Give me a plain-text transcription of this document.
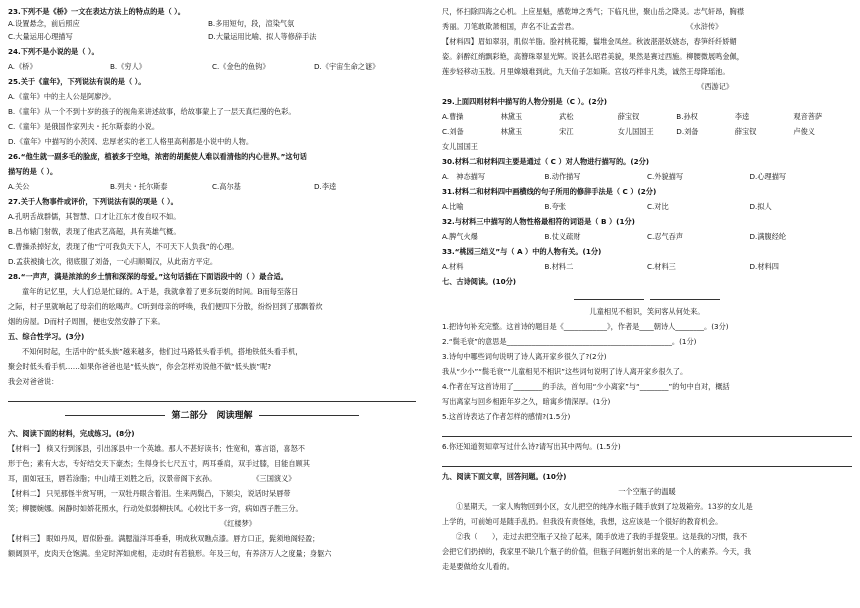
23.下列不是《桥》一文在表达方法上的特点的是（ ）。
A.设置悬念，前后照应	B.多用短句，段，渲染气氛
C.大量运用心理描写	D.大量运用比喻、拟人等修辞手法
24.下列不是小说的是（ ）。
A.《桥》	B.《穷人》	C.《金色的鱼钩》	D.《宇宙生命之谜》
25.关于《童年》，下列说法有误的是（ ）。
A.《童年》中的主人公是阿廖沙。
B.《童年》从一个不到十岁的孩子的视角来讲述故事，给故事蒙上了一层天真烂漫的色彩。
C.《童年》是俄国作家列夫・托尔斯泰的小说。
D.《童年》中描写的小茨冈、忠厚老实的老工人格里高利都是小说中的人物。
26.“他生就一副多毛的脸庞，植被多于空地，浓密的胡髭使人难以看清他的内心世界。”这句话
描写的是（ ）。
A.关公	B.列夫・托尔斯泰	C.高尔基	D.李逵
27.关于人物事件或评价，下列说法有误的项是（ ）。
A.孔明舌战群儒，其智慧、口才让江东才俊自叹不如。
B.吕布辕门射戟，表现了他武艺高超，具有英雄气概。
C.曹操杀掉好友，表现了他“宁可我负天下人，不可天下人负我”的心理。
D.孟获被擒七次，彻底服了刘备，一心归顺蜀汉，从此南方平定。
28.“一声声，满是浓浓的乡土情和深深的母爱。”这句话插在下面语段中的（ ）最合适。
童年的记忆里，大人们总是忙碌的。A于是，我就拿着了更多玩耍的时间。B而每至落日
之际，村子里就响起了母亲们的吆喝声。C听到母亲的呼唤，我们便四下分散，纷纷回到了那飘着炊
烟的房屋。D而村子周围，便也安然安静了下来。
五、综合性学习。(3分)
不知何时起，生活中的“低头族”越来越多，他们过马路低头看手机，搭地铁低头看手机，
聚会时低头看手机……如果你爸爸也是“低头族”，你会怎样劝说他不做“低头族”呢?
我会对爸爸说：
第二部分　阅读理解
六、阅读下面的材料，完成练习。(8分)
【材料一】 倏又行到涿县，引出涿县中一个英雄。那人不甚好读书；性宽和，寡言语，喜怒不
形于色；素有大志，专好结交天下豪杰；生得身长七尺五寸，两耳垂肩，双手过膝，目能自顾其
耳，面如冠玉，唇若涂脂；中山靖王刘胜之后，汉景帝阁下玄孙。　　　　　　《三国演义》
【材料二】 只见那怪半赏写明，一双牡丹眼含着泪。生来两鬓凸，下颏尖，说话时呆唇带
笑；柳腰婉娜。闲静时如娇花照水，行动处似弱柳扶风。心较比干多一窍，病如西子胜三分。
　　　　　　　　　　　　　　　　　　　　　　　　　　　　　　《红楼梦》
【材料三】 眼如丹凤，眉似卧蚕。满腮溢洋耳垂垂，明成秋双瞧点漆。唇方口正，髭须地阁轻盈；
额阔顶平，皮肉天仓饱满。坐定时浑如虎相，走动时有若狼形。年及三旬，有养济万人之度量；身躯六
尺，怀扫除四海之心机。上应星魁，感乾坤之秀气；下临凡世，聚山岳之降灵。志气轩昂，胸襟
秀丽。刀笔敢欺萧相国，声名不让孟尝君。　　　　　　　　　　　　　　　　《水浒传》
【材料四】眉如翠羽，肌似羊脂。脸衬桃花瓣，鬟堆金凤丝。秋波湛湛妖娆态，春笋纤纤娇媚
姿。斜醉红绡飘彩艳，高簪珠翠显光辉。说甚么昭君美貌，果然是赛过西施。柳腰微展鸣金佩，
莲步轻移动玉肢。月里嫦娥难到此，九天仙子怎如斯。宫妆巧样非凡类，诚然王母降瑶池。
　　　　　　　　　　　　　　　　　　　　　　　　　　　　　　　　　　　　《西游记》
29.上面四则材料中描写的人物分别是（C ）。(2分)
A.曹操	林黛玉	武松	薛宝钗	B.孙权	李逵	观音菩萨
C.刘备	林黛玉	宋江	女儿国国王	D.刘备	薛宝钗	卢俊义
女儿国国王
30.材料二和材料四主要是通过（ C ）对人物进行描写的。(2分)
A.　神态描写	B.动作描写	C.外貌描写	D.心理描写
31.材料二和材料四中画横线的句子所用的修辞手法是（ C ）(2分)
A.比喻	B.夸张	C.对比	D.拟人
32.与材料三中描写的人物性格最相符的词语是（ B ）(1分)
A.脾气火爆	B.仗义疏财	C.忍气吞声	D.满腹经纶
33.“桃园三结义”与（ A ）中的人物有关。(1分)
A.材料	B.材料二	C.材料三	D.材料四
七、古诗阅读。(10分)
儿童相见不相识，笑问客从何处来。
1.把诗句补充完整。这首诗的题目是《____________》，作者是____朝诗人________。(3分)
2.“鬓毛衰”的意思是______________________________________________。(1分)
3.诗句中哪些词句说明了诗人离开家乡很久了?(2分)
我从“少小”“鬓毛衰”“儿童相见不相识”这些词句说明了诗人离开家乡很久了。
4.作者在写这首诗用了________的手法，首句用“少小离家”与“________”的句中自对，概括
写出离家与回乡相距年岁之久，暗寓乡情深厚。(1分)
5.这首诗表达了作者怎样的感情?(1.5分)
6.你还知道贺知章写过什么诗?请写出其中两句。(1.5分)
九、阅读下面文章，回答问题。(10分)
一个空瓶子的温暖
①星期天，一家人购物回到小区，女儿把空的纯净水瓶子随手放到了垃圾箱旁。13岁的女儿是
上学的，可前她可是随手乱扔。但我没有责怪她，我想，这应该是一个很好的教育机会。
②我（　　），走过去把空瓶子又捡了起来，随手放进了我的手提袋里。这是我的习惯，我不
会把它们扔掉的，我家里不缺几个瓶子的价值，但瓶子问题折射出来的是一个人的素养。今天，我
走是要做给女儿看的。
